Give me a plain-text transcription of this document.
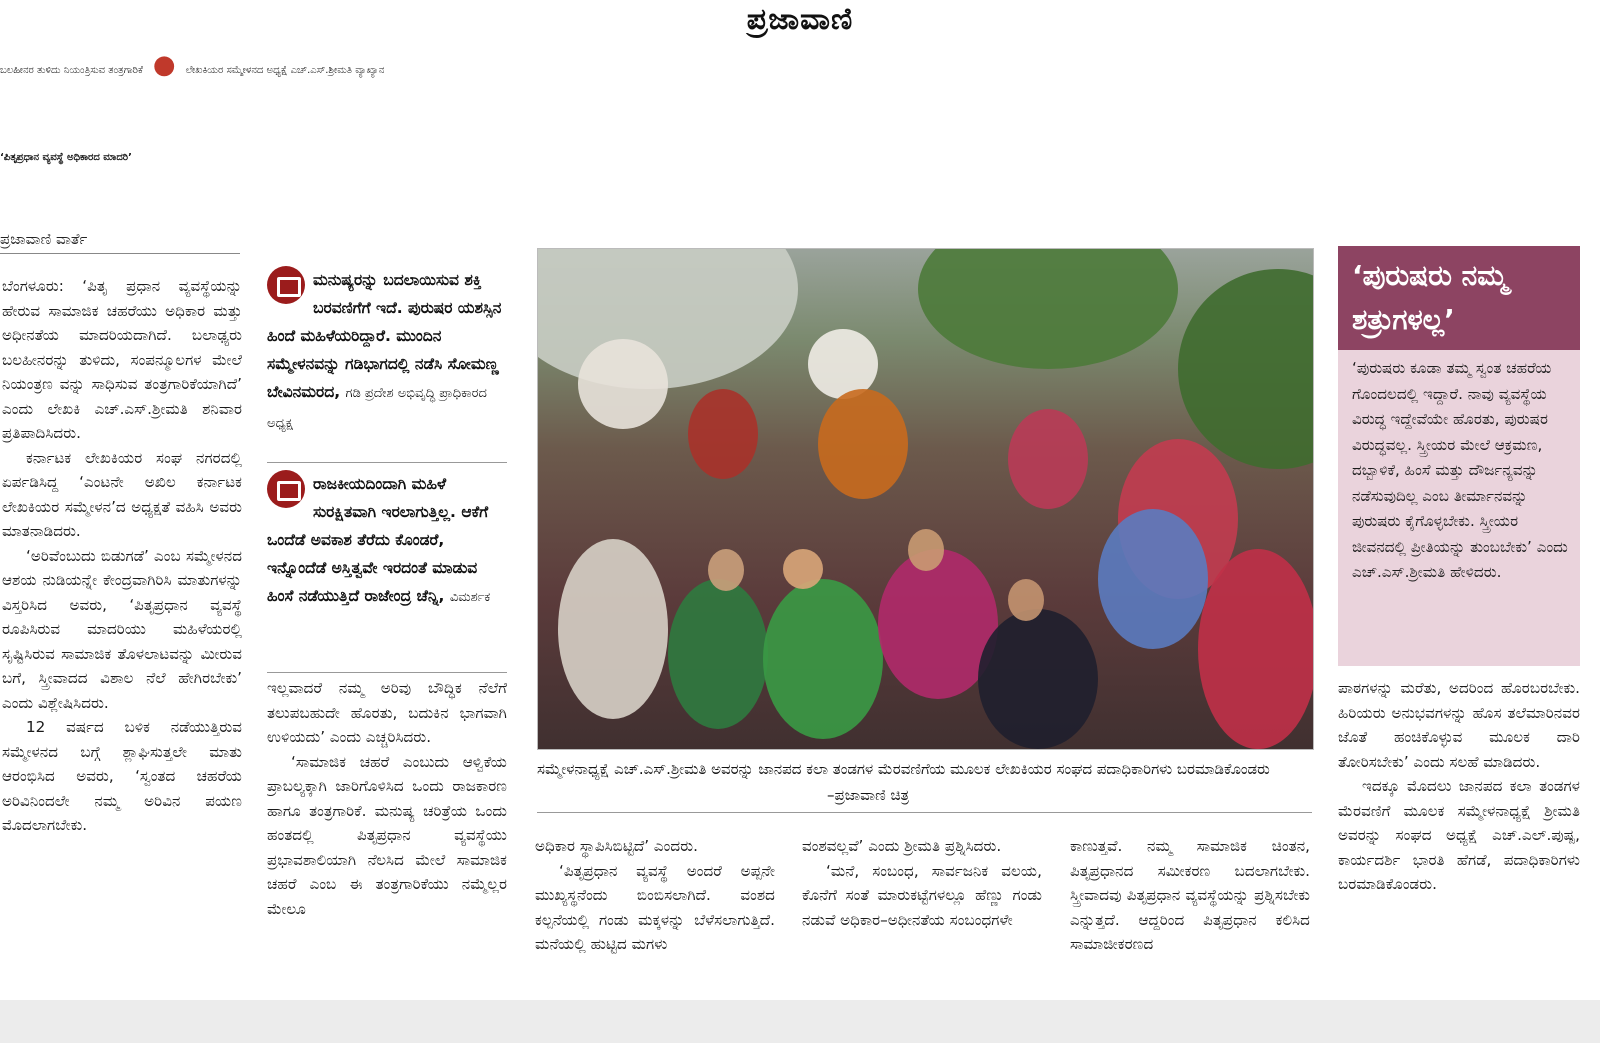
ಪ್ರಜಾವಾಣಿ
ಬಲಹೀನರ ತುಳಿದು ನಿಯಂತ್ರಿಸುವ ತಂತ್ರಗಾರಿಕೆ ● ಲೇಖಕಿಯರ ಸಮ್ಮೇಳನದ ಅಧ್ಯಕ್ಷೆ ಎಚ್‌.ಎಸ್‌.ಶ್ರೀಮತಿ ವ್ಯಾಖ್ಯಾನ
‘ಪಿತೃಪ್ರಧಾನ ವ್ಯವಸ್ಥೆ ಅಧಿಕಾರದ ಮಾದರಿ’
ಪ್ರಜಾವಾಣಿ ವಾರ್ತೆ

ಬೆಂಗಳೂರು: ‘ಪಿತೃ ಪ್ರಧಾನ ವ್ಯವಸ್ಥೆಯನ್ನು ಹೇರುವ ಸಾಮಾಜಿಕ ಚಹರೆಯು ಅಧಿಕಾರ ಮತ್ತು ಅಧೀನತೆಯ ಮಾದರಿಯದಾಗಿದೆ. ಬಲಾಢ್ಯರು ಬಲಹೀನರನ್ನು ತುಳಿದು, ಸಂಪನ್ಮೂಲಗಳ ಮೇಲೆ ನಿಯಂತ್ರಣ ವನ್ನು ಸಾಧಿಸುವ ತಂತ್ರಗಾರಿಕೆಯಾಗಿದೆ’ ಎಂದು ಲೇಖಕಿ ಎಚ್‌.ಎಸ್‌.ಶ್ರೀಮತಿ ಶನಿವಾರ ಪ್ರತಿಪಾದಿಸಿದರು.

ಕರ್ನಾಟಕ ಲೇಖಕಿಯರ ಸಂಘ ನಗರದಲ್ಲಿ ಏರ್ಪಡಿಸಿದ್ದ ‘ಎಂಟನೇ ಅಖಿಲ ಕರ್ನಾಟಕ ಲೇಖಕಿಯರ ಸಮ್ಮೇಳನ’ದ ಅಧ್ಯಕ್ಷತೆ ವಹಿಸಿ ಅವರು ಮಾತನಾಡಿದರು.

‘ಅರಿವೆಂಬುದು ಬಿಡುಗಡೆ’ ಎಂಬ ಸಮ್ಮೇಳನದ ಆಶಯ ನುಡಿಯನ್ನೇ ಕೇಂದ್ರವಾಗಿರಿಸಿ ಮಾತುಗಳನ್ನು ವಿಸ್ತರಿಸಿದ ಅವರು, ‘ಪಿತೃಪ್ರಧಾನ ವ್ಯವಸ್ಥೆ ರೂಪಿಸಿರುವ ಮಾದರಿಯು ಮಹಿಳೆಯರಲ್ಲಿ ಸೃಷ್ಟಿಸಿರುವ ಸಾಮಾಜಿಕ ತೊಳಲಾಟವನ್ನು ಮೀರುವ ಬಗೆ, ಸ್ತ್ರೀವಾದದ ವಿಶಾಲ ನೆಲೆ ಹೇಗಿರಬೇಕು’ ಎಂದು ವಿಶ್ಲೇಷಿಸಿದರು.

12 ವರ್ಷದ ಬಳಿಕ ನಡೆಯುತ್ತಿರುವ ಸಮ್ಮೇಳನದ ಬಗ್ಗೆ ಶ್ಲಾಘಿಸುತ್ತಲೇ ಮಾತು ಆರಂಭಿಸಿದ ಅವರು, ‘ಸ್ವಂತದ ಚಹರೆಯ ಅರಿವಿನಿಂದಲೇ ನಮ್ಮ ಅರಿವಿನ ಪಯಣ ಮೊದಲಾಗಬೇಕು.

ಮನುಷ್ಯರನ್ನು ಬದಲಾಯಿಸುವ ಶಕ್ತಿ ಬರವಣಿಗೆಗೆ ಇದೆ. ಪುರುಷರ ಯಶಸ್ಸಿನ ಹಿಂದೆ ಮಹಿಳೆಯರಿದ್ದಾರೆ. ಮುಂದಿನ ಸಮ್ಮೇಳನವನ್ನು ಗಡಿಭಾಗದಲ್ಲಿ ನಡೆಸಿ ಸೋಮಣ್ಣ ಬೇವಿನಮರದ, ಗಡಿ ಪ್ರದೇಶ ಅಭಿವೃದ್ಧಿ ಪ್ರಾಧಿಕಾರದ ಅಧ್ಯಕ್ಷ
ರಾಜಕೀಯದಿಂದಾಗಿ ಮಹಿಳೆ ಸುರಕ್ಷಿತವಾಗಿ ಇರಲಾಗುತ್ತಿಲ್ಲ. ಆಕೆಗೆ ಒಂದೆಡೆ ಅವಕಾಶ ತೆರೆದು ಕೊಂಡರೆ, ಇನ್ನೊಂದೆಡೆ ಅಸ್ತಿತ್ವವೇ ಇರದಂತೆ ಮಾಡುವ ಹಿಂಸೆ ನಡೆಯುತ್ತಿದೆ ರಾಜೇಂದ್ರ ಚೆನ್ನಿ, ವಿಮರ್ಶಕ

ಇಲ್ಲವಾದರೆ ನಮ್ಮ ಅರಿವು ಬೌದ್ಧಿಕ ನೆಲೆಗೆ ತಲುಪಬಹುದೇ ಹೊರತು, ಬದುಕಿನ ಭಾಗವಾಗಿ ಉಳಿಯದು’ ಎಂದು ಎಚ್ಚರಿಸಿದರು.

‘ಸಾಮಾಜಿಕ ಚಹರೆ ಎಂಬುದು ಆಳ್ವಿಕೆಯ ಪ್ರಾಬಲ್ಯಕ್ಕಾಗಿ ಜಾರಿಗೊಳಿಸಿದ ಒಂದು ರಾಜಕಾರಣ ಹಾಗೂ ತಂತ್ರಗಾರಿಕೆ. ಮನುಷ್ಯ ಚರಿತ್ರೆಯ ಒಂದು ಹಂತದಲ್ಲಿ ಪಿತೃಪ್ರಧಾನ ವ್ಯವಸ್ಥೆಯು ಪ್ರಭಾವಶಾಲಿಯಾಗಿ ನೆಲಸಿದ ಮೇಲೆ ಸಾಮಾಜಿಕ ಚಹರೆ ಎಂಬ ಈ ತಂತ್ರಗಾರಿಕೆಯು ನಮ್ಮೆಲ್ಲರ ಮೇಲೂ

ಸಮ್ಮೇಳನಾಧ್ಯಕ್ಷೆ ಎಚ್‌.ಎಸ್‌.ಶ್ರೀಮತಿ ಅವರನ್ನು ಜಾನಪದ ಕಲಾ ತಂಡಗಳ ಮೆರವಣಿಗೆಯ ಮೂಲಕ ಲೇಖಕಿಯರ ಸಂಘದ ಪದಾಧಿಕಾರಿಗಳು ಬರಮಾಡಿಕೊಂಡರು –ಪ್ರಜಾವಾಣಿ ಚಿತ್ರ

ಅಧಿಕಾರ ಸ್ಥಾಪಿಸಿಬಿಟ್ಟಿದೆ’ ಎಂದರು.

‘ಪಿತೃಪ್ರಧಾನ ವ್ಯವಸ್ಥೆ ಅಂದರೆ ಅಪ್ಪನೇ ಮುಖ್ಯಸ್ಥನೆಂದು ಬಿಂಬಿಸಲಾಗಿದೆ. ವಂಶದ ಕಲ್ಪನೆಯಲ್ಲಿ ಗಂಡು ಮಕ್ಕಳನ್ನು ಬೆಳೆಸಲಾಗುತ್ತಿದೆ. ಮನೆಯಲ್ಲಿ ಹುಟ್ಟಿದ ಮಗಳು

ವಂಶವಲ್ಲವೆ’ ಎಂದು ಶ್ರೀಮತಿ ಪ್ರಶ್ನಿಸಿದರು.

‘ಮನೆ, ಸಂಬಂಧ, ಸಾರ್ವಜನಿಕ ವಲಯ, ಕೊನೆಗೆ ಸಂತೆ ಮಾರುಕಟ್ಟೆಗಳಲ್ಲೂ ಹೆಣ್ಣು ಗಂಡು ನಡುವೆ ಅಧಿಕಾರ–ಅಧೀನತೆಯ ಸಂಬಂಧಗಳೇ

ಕಾಣುತ್ತವೆ. ನಮ್ಮ ಸಾಮಾಜಿಕ ಚಿಂತನ, ಪಿತೃಪ್ರಧಾನದ ಸಮೀಕರಣ ಬದಲಾಗಬೇಕು. ಸ್ತ್ರೀವಾದವು ಪಿತೃಪ್ರಧಾನ ವ್ಯವಸ್ಥೆಯನ್ನು ಪ್ರಶ್ನಿಸಬೇಕು ಎನ್ನುತ್ತದೆ. ಆದ್ದರಿಂದ ಪಿತೃಪ್ರಧಾನ ಕಲಿಸಿದ ಸಾಮಾಜೀಕರಣದ

‘ಪುರುಷರು ನಮ್ಮ ಶತ್ರುಗಳಲ್ಲ’
‘ಪುರುಷರು ಕೂಡಾ ತಮ್ಮ ಸ್ವಂತ ಚಹರೆಯ ಗೊಂದಲದಲ್ಲಿ ಇದ್ದಾರೆ. ನಾವು ವ್ಯವಸ್ಥೆಯ ವಿರುದ್ಧ ಇದ್ದೇವೆಯೇ ಹೊರತು, ಪುರುಷರ ವಿರುದ್ಧವಲ್ಲ. ಸ್ತ್ರೀಯರ ಮೇಲೆ ಆಕ್ರಮಣ, ದಬ್ಬಾಳಿಕೆ, ಹಿಂಸೆ ಮತ್ತು ದೌರ್ಜನ್ಯವನ್ನು ನಡೆಸುವುದಿಲ್ಲ ಎಂಬ ತೀರ್ಮಾನವನ್ನು ಪುರುಷರು ಕೈಗೊಳ್ಳಬೇಕು. ಸ್ತ್ರೀಯರ ಜೀವನದಲ್ಲಿ ಪ್ರೀತಿಯನ್ನು ತುಂಬಬೇಕು’ ಎಂದು ಎಚ್‌.ಎಸ್‌.ಶ್ರೀಮತಿ ಹೇಳಿದರು.

ಪಾಠಗಳನ್ನು ಮರೆತು, ಅದರಿಂದ ಹೊರಬರಬೇಕು. ಹಿರಿಯರು ಅನುಭವಗಳನ್ನು ಹೊಸ ತಲೆಮಾರಿನವರ ಜೊತೆ ಹಂಚಿಕೊಳ್ಳುವ ಮೂಲಕ ದಾರಿ ತೋರಿಸಬೇಕು’ ಎಂದು ಸಲಹೆ ಮಾಡಿದರು.

ಇದಕ್ಕೂ ಮೊದಲು ಜಾನಪದ ಕಲಾ ತಂಡಗಳ ಮೆರವಣಿಗೆ ಮೂಲಕ ಸಮ್ಮೇಳನಾಧ್ಯಕ್ಷೆ ಶ್ರೀಮತಿ ಅವರನ್ನು ಸಂಘದ ಅಧ್ಯಕ್ಷೆ ಎಚ್‌.ಎಲ್‌.ಪುಷ್ಪ, ಕಾರ್ಯದರ್ಶಿ ಭಾರತಿ ಹೆಗಡೆ, ಪದಾಧಿಕಾರಿಗಳು ಬರಮಾಡಿಕೊಂಡರು.
